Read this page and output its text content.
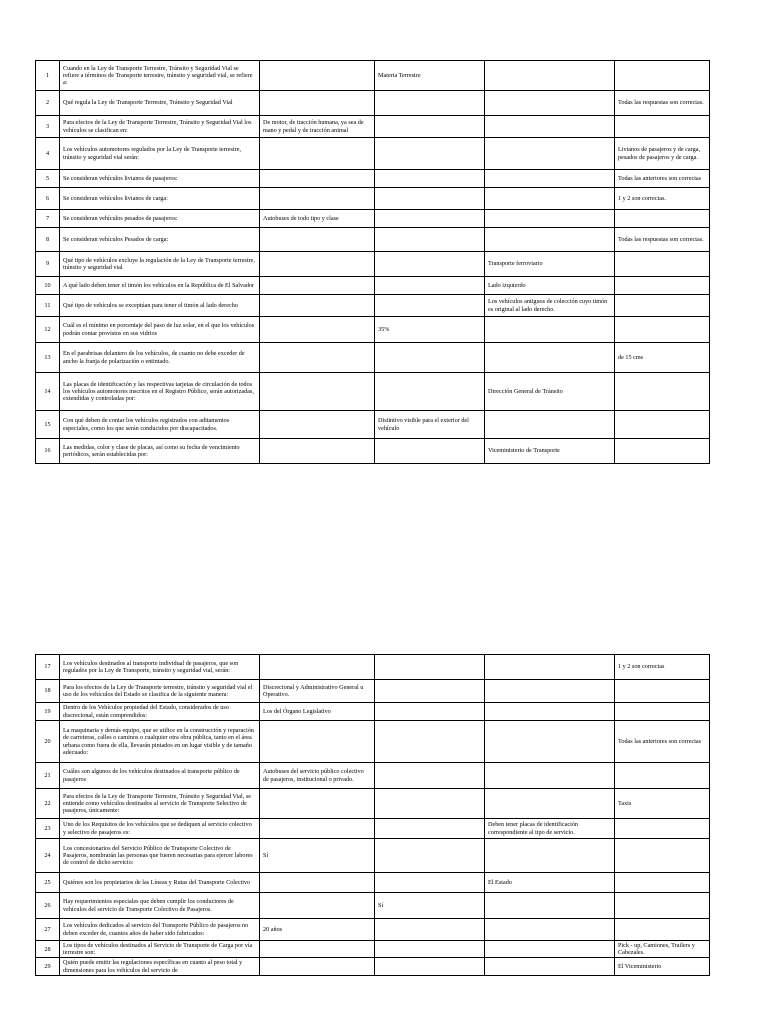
1	Cuando en la Ley de Transporte Terrestre, Tránsito y Seguridad Vial se refiere a términos de Transporte terrestre, tránsito y seguridad vial, se refiere a:		Materia Terrestre		
2	Qué regula la Ley de Transporte Terrestre, Tránsito y Seguridad Vial				Todas las respuestas son correctas.
3	Para efectos de la Ley de Transporte Terrestre, Tránsito y Seguridad Vial los vehículos se clasifican en:	De motor, de tracción humana, ya sea de mano y pedal y de tracción animal			
4	Los vehículos automotores regulados por la Ley de Transporte terrestre, tránsito y seguridad vial serán:				Livianos de pasajeros y de carga, pesados de pasajeros y de carga.
5	Se consideran vehículos livianos de pasajeros:				Todas las anteriores son correctas
6	Se consideran vehículos livianos de carga:				1 y 2 son correctas.
7	Se consideran vehículos pesados de pasajeros:	Autobuses de todo tipo y clase			
8	Se consideran vehículos Pesados de carga:				Todas las respuestas son correctas.
9	Qué tipo de vehículos excluye la regulación de la Ley de Transporte terrestre, tránsito y seguridad vial			Transporte ferroviario	
10	A qué lado deben tener el timón los vehículos en la República de El Salvador			Lado izquierdo	
11	Qué tipo de vehículos se exceptúan para tener el timón al lado derecho			Los vehículos antiguos de colección cuyo timón es original al lado derecho.	
12	Cuál es el mínimo en porcentaje del paso de luz solar, en el que los vehículos podrán contar provistos en sus vidrios		35%		
13	En el parabrisas delantero de los vehículos, de cuanto no debe exceder de ancho la franja de polarización o entintado.				de 15 cms
14	Las placas de identificación y las respectivas tarjetas de circulación de todos los vehículos automotores inscritos en el Registro Público, serán autorizadas, extendidas y controladas por:			Dirección General de Tránsito	
15	Con qué deben de contar los vehículos registrados con aditamentos especiales, como los que serán conducidos por discapacitados.		Distintivo visible para el exterior del vehículo		
16	Las medidas, color y clase de placas, así como su fecha de vencimiento periódicos, serán establecidas por:			Viceministerio de Transporte	
17	Los vehículos destinados al transporte individual de pasajeros, que son regulados por la Ley de Transporte, tránsito y seguridad vial, serán:				1 y 2 son correctas
18	Para los efectos de la Ley de Transporte terrestre, tránsito y seguridad vial el uso de los vehículos del Estado se clasifica de la siguiente manera:	Discrecional y Administrativo General u Operativo.			
19	Dentro de los Vehículos propiedad del Estado, considerados de uso discrecional, están comprendidos:	Los del Órgano Legislativo			
20	La maquinaria y demás equipo, que se utilice en la construcción y reparación de carreteras, calles o caminos o cualquier otra obra pública, tanto en el área urbana como fuera de ella, llevarán pintados en un lugar visible y de tamaño adecuado:				Todas las anteriores son correctas
21	Cuáles son algunos de los vehículos destinados al transporte público de pasajeros	Autobuses del servicio público colectivo de pasajeros, institucional o privado.			
22	Para efectos de la Ley de Transporte Terrestre, Tránsito y Seguridad Vial, se entiende como vehículos destinados al servicio de Transporte Selectivo de pasajeros, únicamente:				Taxis
23	Uno de los Requisitos de los vehículos que se dediquen al servicio colectivo y selectivo de pasajeros es:			Deben tener placas de identificación correspondiente al tipo de servicio.	
24	Los concesionarios del Servicio Público de Transporte Colectivo de Pasajeros, nombrarán las personas que fueren necesarias para ejercer labores de control de dicho servicio:	Sí			
25	Quiénes son los propietarios de las Líneas y Rutas del Transporte Colectivo			El Estado	
26	Hay requerimientos especiales que deben cumplir los conductores de vehículos del servicio de Transporte Colectivo de Pasajeros.		Sí		
27	Los vehículos dedicados al servicio del Transporte Público de pasajeros no deben exceder de, cuantos años de haber sido fabricados:	20 años			
28	Los tipos de vehículos destinados al Servicio de Transporte de Carga por vía terrestre son:				Pick - up, Camiones, Trailers y Cabezales.
29	Quién puede emitir las regulaciones específicas en cuanto al peso total y dimensiones para los vehículos del servicio de				El Viceministerio
